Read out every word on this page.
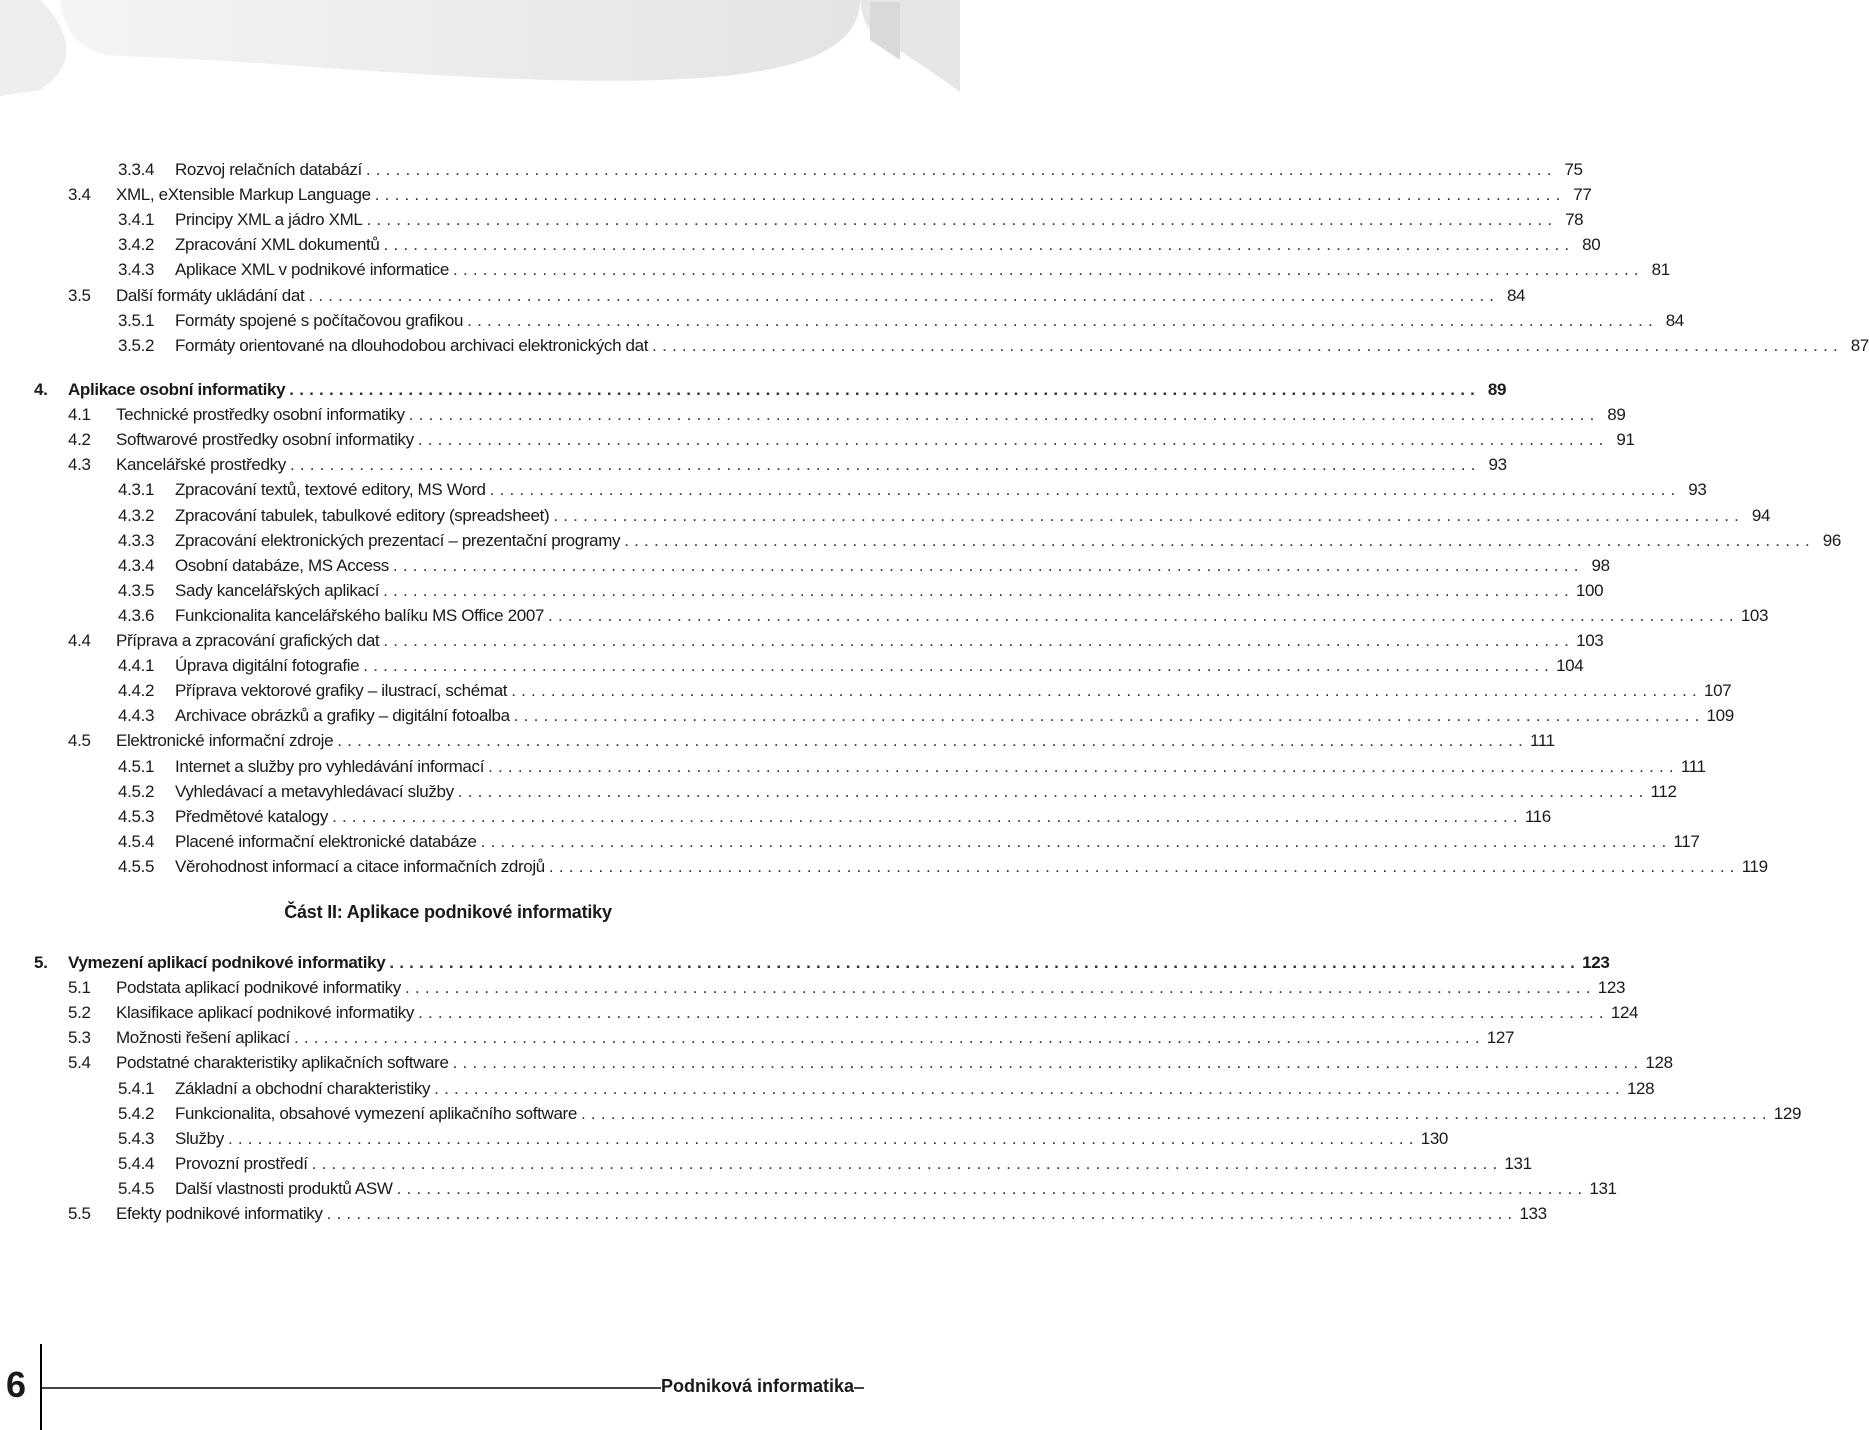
3.3.4 Rozvoj relačních databází ........................................................................................................................ 75
3.4 XML, eXtensible Markup Language ........................................................................................................................ 77
3.4.1 Principy XML a jádro XML ........................................................................................................................ 78
3.4.2 Zpracování XML dokumentů ........................................................................................................................ 80
3.4.3 Aplikace XML v podnikové informatice ........................................................................................................................ 81
3.5 Další formáty ukládání dat ........................................................................................................................ 84
3.5.1 Formáty spojené s počítačovou grafikou ........................................................................................................................ 84
3.5.2 Formáty orientované na dlouhodobou archivaci elektronických dat ........................................................................................................................ 87
4. Aplikace osobní informatiky ........................................................................................................................ 89
4.1 Technické prostředky osobní informatiky ........................................................................................................................ 89
4.2 Softwarové prostředky osobní informatiky ........................................................................................................................ 91
4.3 Kancelářské prostředky ........................................................................................................................ 93
4.3.1 Zpracování textů, textové editory, MS Word ........................................................................................................................ 93
4.3.2 Zpracování tabulek, tabulkové editory (spreadsheet) ........................................................................................................................ 94
4.3.3 Zpracování elektronických prezentací – prezentační programy ........................................................................................................................ 96
4.3.4 Osobní databáze, MS Access ........................................................................................................................ 98
4.3.5 Sady kancelářských aplikací ........................................................................................................................ 100
4.3.6 Funkcionalita kancelářského balíku MS Office 2007 ........................................................................................................................ 103
4.4 Příprava a zpracování grafických dat ........................................................................................................................ 103
4.4.1 Úprava digitální fotografie ........................................................................................................................ 104
4.4.2 Příprava vektorové grafiky – ilustrací, schémat ........................................................................................................................ 107
4.4.3 Archivace obrázků a grafiky – digitální fotoalba ........................................................................................................................ 109
4.5 Elektronické informační zdroje ........................................................................................................................ 111
4.5.1 Internet a služby pro vyhledávání informací ........................................................................................................................ 111
4.5.2 Vyhledávací a metavyhledávací služby ........................................................................................................................ 112
4.5.3 Předmětové katalogy ........................................................................................................................ 116
4.5.4 Placené informační elektronické databáze ........................................................................................................................ 117
4.5.5 Věrohodnost informací a citace informačních zdrojů ........................................................................................................................ 119
5. Vymezení aplikací podnikové informatiky ........................................................................................................................ 123
5.1 Podstata aplikací podnikové informatiky ........................................................................................................................ 123
5.2 Klasifikace aplikací podnikové informatiky ........................................................................................................................ 124
5.3 Možnosti řešení aplikací ........................................................................................................................ 127
5.4 Podstatné charakteristiky aplikačních software ........................................................................................................................ 128
5.4.1 Základní a obchodní charakteristiky ........................................................................................................................ 128
5.4.2 Funkcionalita, obsahové vymezení aplikačního software ........................................................................................................................ 129
5.4.3 Služby ........................................................................................................................ 130
5.4.4 Provozní prostředí ........................................................................................................................ 131
5.4.5 Další vlastnosti produktů ASW ........................................................................................................................ 131
5.5 Efekty podnikové informatiky ........................................................................................................................ 133
Část II: Aplikace podnikové informatiky
6	Podniková informatika
